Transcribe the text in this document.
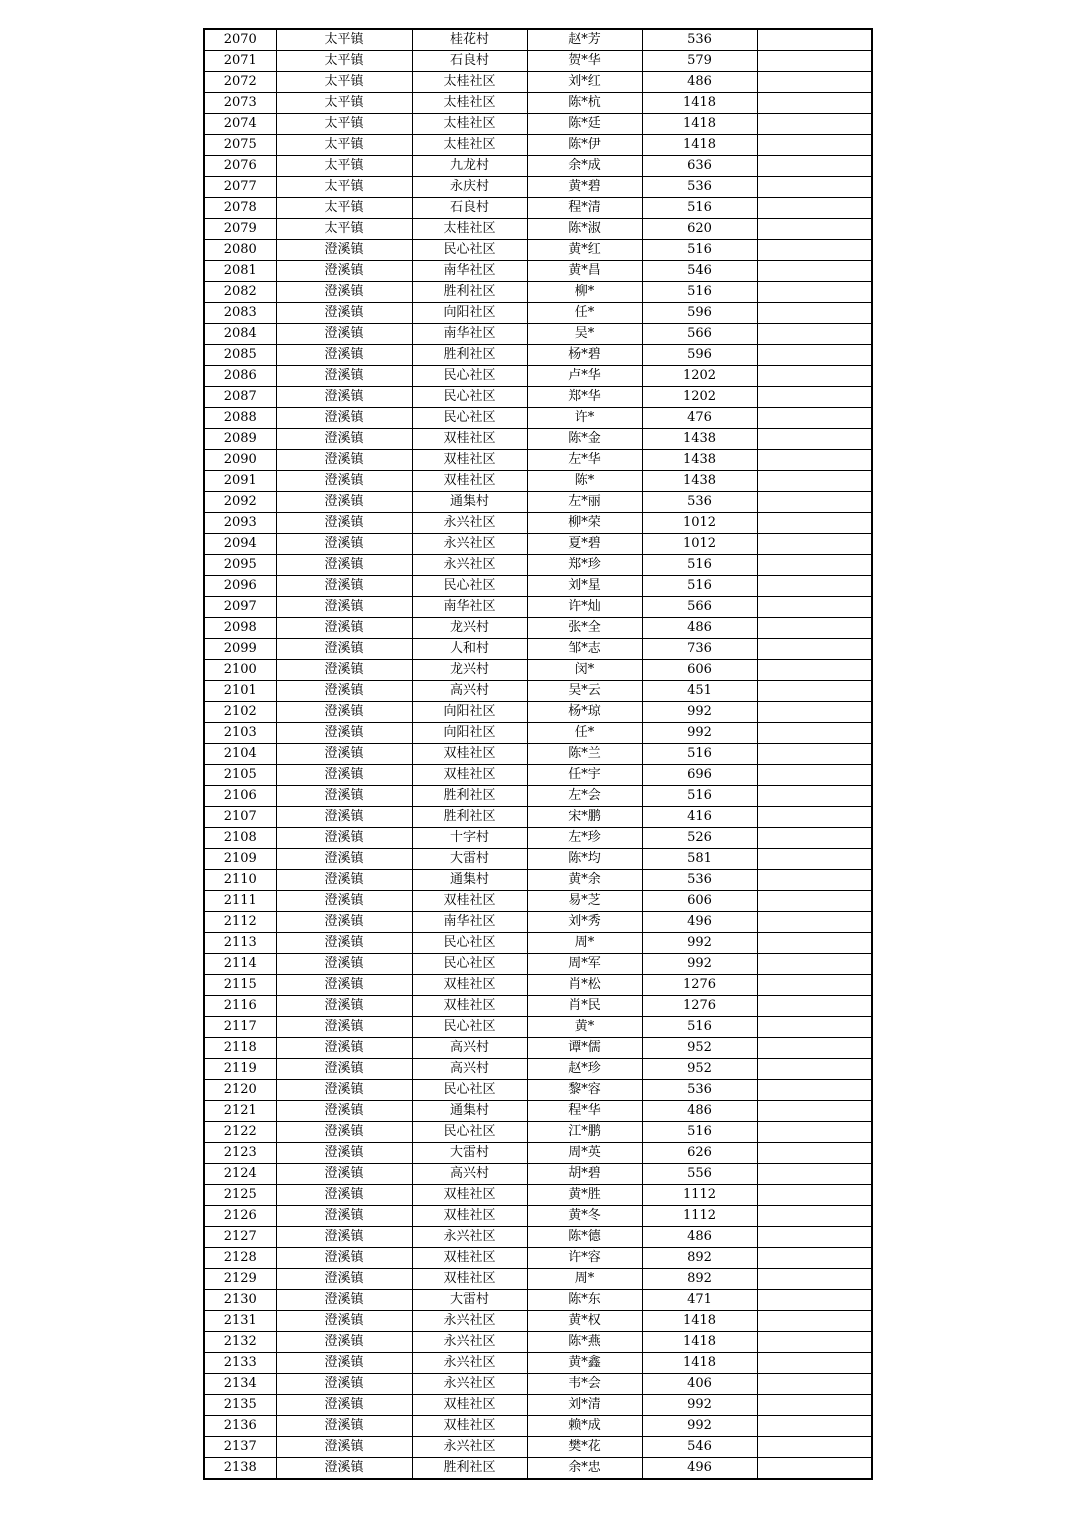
2070	太平镇	桂花村	赵*芳	536	
2071	太平镇	石良村	贺*华	579	
2072	太平镇	太桂社区	刘*红	486	
2073	太平镇	太桂社区	陈*杭	1418	
2074	太平镇	太桂社区	陈*廷	1418	
2075	太平镇	太桂社区	陈*伊	1418	
2076	太平镇	九龙村	余*成	636	
2077	太平镇	永庆村	黄*碧	536	
2078	太平镇	石良村	程*清	516	
2079	太平镇	太桂社区	陈*淑	620	
2080	澄溪镇	民心社区	黄*红	516	
2081	澄溪镇	南华社区	黄*昌	546	
2082	澄溪镇	胜利社区	柳*	516	
2083	澄溪镇	向阳社区	任*	596	
2084	澄溪镇	南华社区	吴*	566	
2085	澄溪镇	胜利社区	杨*碧	596	
2086	澄溪镇	民心社区	卢*华	1202	
2087	澄溪镇	民心社区	郑*华	1202	
2088	澄溪镇	民心社区	许*	476	
2089	澄溪镇	双桂社区	陈*金	1438	
2090	澄溪镇	双桂社区	左*华	1438	
2091	澄溪镇	双桂社区	陈*	1438	
2092	澄溪镇	通集村	左*丽	536	
2093	澄溪镇	永兴社区	柳*荣	1012	
2094	澄溪镇	永兴社区	夏*碧	1012	
2095	澄溪镇	永兴社区	郑*珍	516	
2096	澄溪镇	民心社区	刘*星	516	
2097	澄溪镇	南华社区	许*灿	566	
2098	澄溪镇	龙兴村	张*全	486	
2099	澄溪镇	人和村	邹*志	736	
2100	澄溪镇	龙兴村	闵*	606	
2101	澄溪镇	高兴村	吴*云	451	
2102	澄溪镇	向阳社区	杨*琼	992	
2103	澄溪镇	向阳社区	任*	992	
2104	澄溪镇	双桂社区	陈*兰	516	
2105	澄溪镇	双桂社区	任*宇	696	
2106	澄溪镇	胜利社区	左*会	516	
2107	澄溪镇	胜利社区	宋*鹏	416	
2108	澄溪镇	十字村	左*珍	526	
2109	澄溪镇	大雷村	陈*均	581	
2110	澄溪镇	通集村	黄*余	536	
2111	澄溪镇	双桂社区	易*芝	606	
2112	澄溪镇	南华社区	刘*秀	496	
2113	澄溪镇	民心社区	周*	992	
2114	澄溪镇	民心社区	周*军	992	
2115	澄溪镇	双桂社区	肖*松	1276	
2116	澄溪镇	双桂社区	肖*民	1276	
2117	澄溪镇	民心社区	黄*	516	
2118	澄溪镇	高兴村	谭*儒	952	
2119	澄溪镇	高兴村	赵*珍	952	
2120	澄溪镇	民心社区	黎*容	536	
2121	澄溪镇	通集村	程*华	486	
2122	澄溪镇	民心社区	江*鹏	516	
2123	澄溪镇	大雷村	周*英	626	
2124	澄溪镇	高兴村	胡*碧	556	
2125	澄溪镇	双桂社区	黄*胜	1112	
2126	澄溪镇	双桂社区	黄*冬	1112	
2127	澄溪镇	永兴社区	陈*德	486	
2128	澄溪镇	双桂社区	许*容	892	
2129	澄溪镇	双桂社区	周*	892	
2130	澄溪镇	大雷村	陈*东	471	
2131	澄溪镇	永兴社区	黄*权	1418	
2132	澄溪镇	永兴社区	陈*燕	1418	
2133	澄溪镇	永兴社区	黄*鑫	1418	
2134	澄溪镇	永兴社区	韦*会	406	
2135	澄溪镇	双桂社区	刘*清	992	
2136	澄溪镇	双桂社区	赖*成	992	
2137	澄溪镇	永兴社区	樊*花	546	
2138	澄溪镇	胜利社区	余*忠	496	
